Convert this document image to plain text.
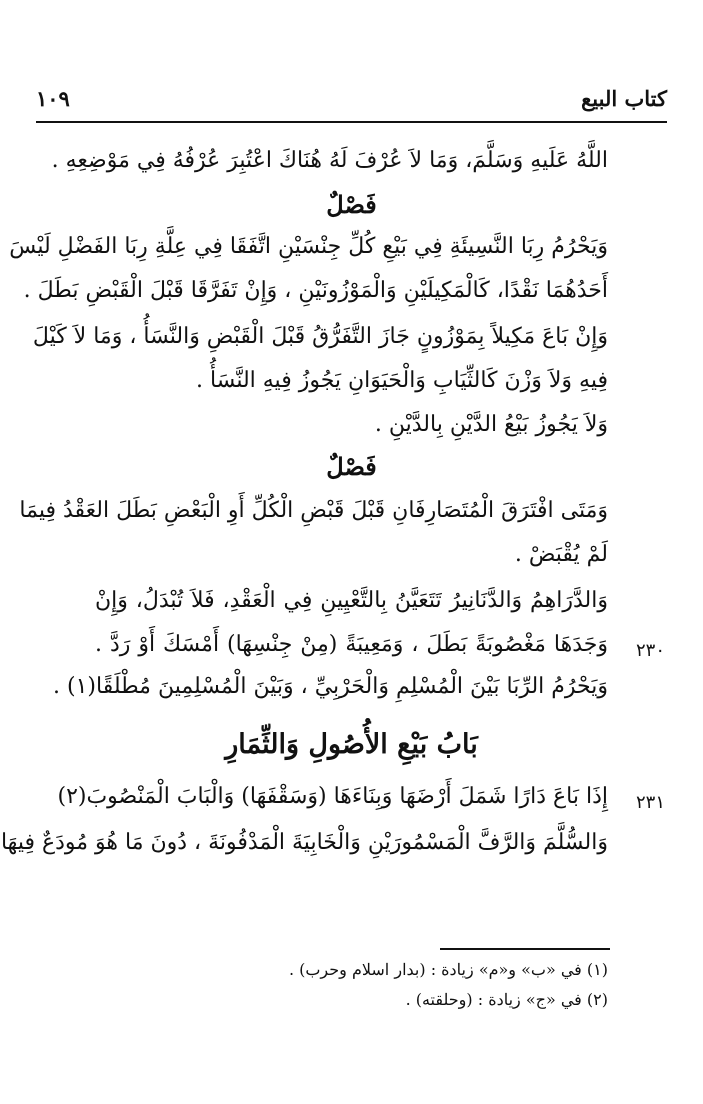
كتاب البيع
١٠٩
اللَّهُ عَلَيهِ وَسَلَّمَ، وَمَا لاَ عُرْفَ لَهُ هُنَاكَ اعْتُبِرَ عُرْفُهُ فِي مَوْضِعِهِ .
فَصْلٌ
وَيَحْرُمُ رِبَا النَّسِيئَةِ فِي بَيْعِ كُلِّ جِنْسَيْنِ اتَّفَقَا فِي عِلَّةِ رِبَا الفَضْلِ لَيْسَ
أَحَدُهُمَا نَقْدًا، كَالْمَكِيلَيْنِ وَالْمَوْزُونَيْنِ ، وَإِنْ تَفَرَّقَا قَبْلَ الْقَبْضِ بَطَلَ .
وَإِنْ بَاعَ مَكِيلاً بِمَوْزُونٍ جَازَ التَّفَرُّقُ قَبْلَ الْقَبْضِ وَالنَّسَأُ ، وَمَا لاَ كَيْلَ
فِيهِ وَلاَ وَزْنَ كَالثِّيَابِ وَالْحَيَوَانِ يَجُوزُ فِيهِ النَّسَأُ .
وَلاَ يَجُوزُ بَيْعُ الدَّيْنِ بِالدَّيْنِ .
فَصْلٌ
وَمَتَى افْتَرَقَ الْمُتَصَارِفَانِ قَبْلَ قَبْضِ الْكُلِّ أَوِ الْبَعْضِ بَطَلَ العَقْدُ فِيمَا
لَمْ يُقْبَضْ .
وَالدَّرَاهِمُ وَالدَّنَانِيرُ تَتَعَيَّنُ بِالتَّعْيِينِ فِي الْعَقْدِ، فَلاَ تُبْدَلُ، وَإِنْ
وَجَدَهَا مَغْصُوبَةً بَطَلَ ، وَمَعِيبَةً (مِنْ جِنْسِهَا) أَمْسَكَ أَوْ رَدَّ .
وَيَحْرُمُ الرِّبَا بَيْنَ الْمُسْلِمِ وَالْحَرْبِيِّ ، وَبَيْنَ الْمُسْلِمِينَ مُطْلَقًا(١) .
بَابُ بَيْعِ الأُصُولِ وَالثِّمَارِ
إِذَا بَاعَ دَارًا شَمَلَ أَرْضَهَا وَبِنَاءَهَا (وَسَقْفَهَا) وَالْبَابَ الْمَنْصُوبَ(٢)
وَالسُّلَّمَ وَالرَّفَّ الْمَسْمُورَيْنِ وَالْخَابِيَةَ الْمَدْفُونَةَ ، دُونَ مَا هُوَ مُودَعٌ فِيهَا
٢٣٠
٢٣١
(١) في «ب» و«م» زيادة : (بدار اسلام وحرب) .
(٢) في «ج» زيادة : (وحلقته) .
